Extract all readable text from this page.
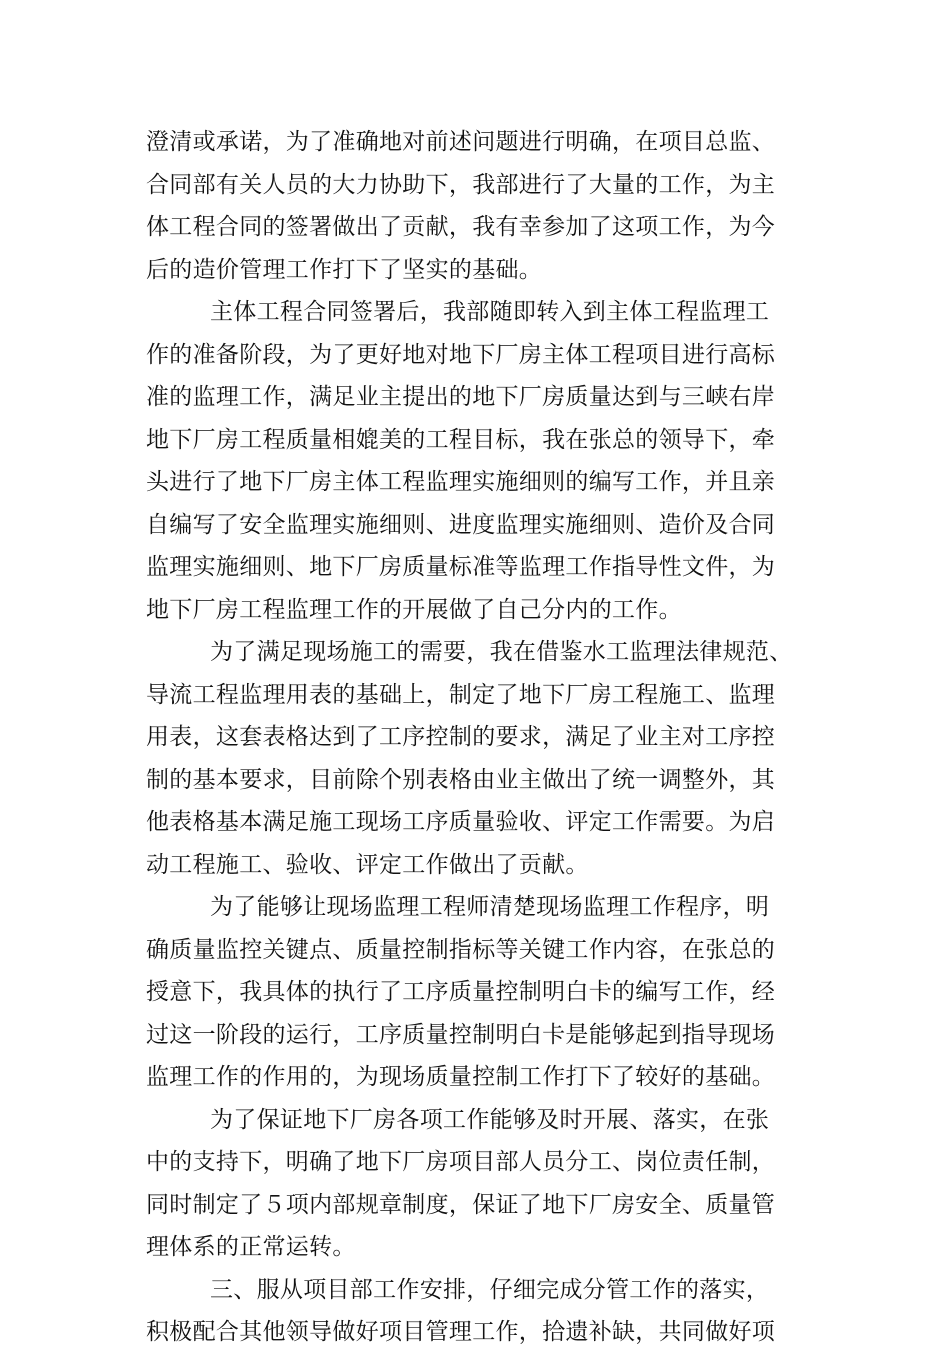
澄清或承诺，为了准确地对前述问题进行明确，在项目总监、
合同部有关人员的大力协助下，我部进行了大量的工作，为主
体工程合同的签署做出了贡献，我有幸参加了这项工作，为今
后的造价管理工作打下了坚实的基础。
主体工程合同签署后，我部随即转入到主体工程监理工
作的准备阶段，为了更好地对地下厂房主体工程项目进行高标
准的监理工作，满足业主提出的地下厂房质量达到与三峡右岸
地下厂房工程质量相媲美的工程目标，我在张总的领导下，牵
头进行了地下厂房主体工程监理实施细则的编写工作，并且亲
自编写了安全监理实施细则、进度监理实施细则、造价及合同
监理实施细则、地下厂房质量标准等监理工作指导性文件，为
地下厂房工程监理工作的开展做了自己分内的工作。
为了满足现场施工的需要，我在借鉴水工监理法律规范、
导流工程监理用表的基础上，制定了地下厂房工程施工、监理
用表，这套表格达到了工序控制的要求，满足了业主对工序控
制的基本要求，目前除个别表格由业主做出了统一调整外，其
他表格基本满足施工现场工序质量验收、评定工作需要。为启
动工程施工、验收、评定工作做出了贡献。
为了能够让现场监理工程师清楚现场监理工作程序，明
确质量监控关键点、质量控制指标等关键工作内容，在张总的
授意下，我具体的执行了工序质量控制明白卡的编写工作，经
过这一阶段的运行，工序质量控制明白卡是能够起到指导现场
监理工作的作用的，为现场质量控制工作打下了较好的基础。
为了保证地下厂房各项工作能够及时开展、落实，在张
中的支持下，明确了地下厂房项目部人员分工、岗位责任制，
同时制定了５项内部规章制度，保证了地下厂房安全、质量管
理体系的正常运转。
三、服从项目部工作安排，仔细完成分管工作的落实，
积极配合其他领导做好项目管理工作，拾遗补缺，共同做好项
